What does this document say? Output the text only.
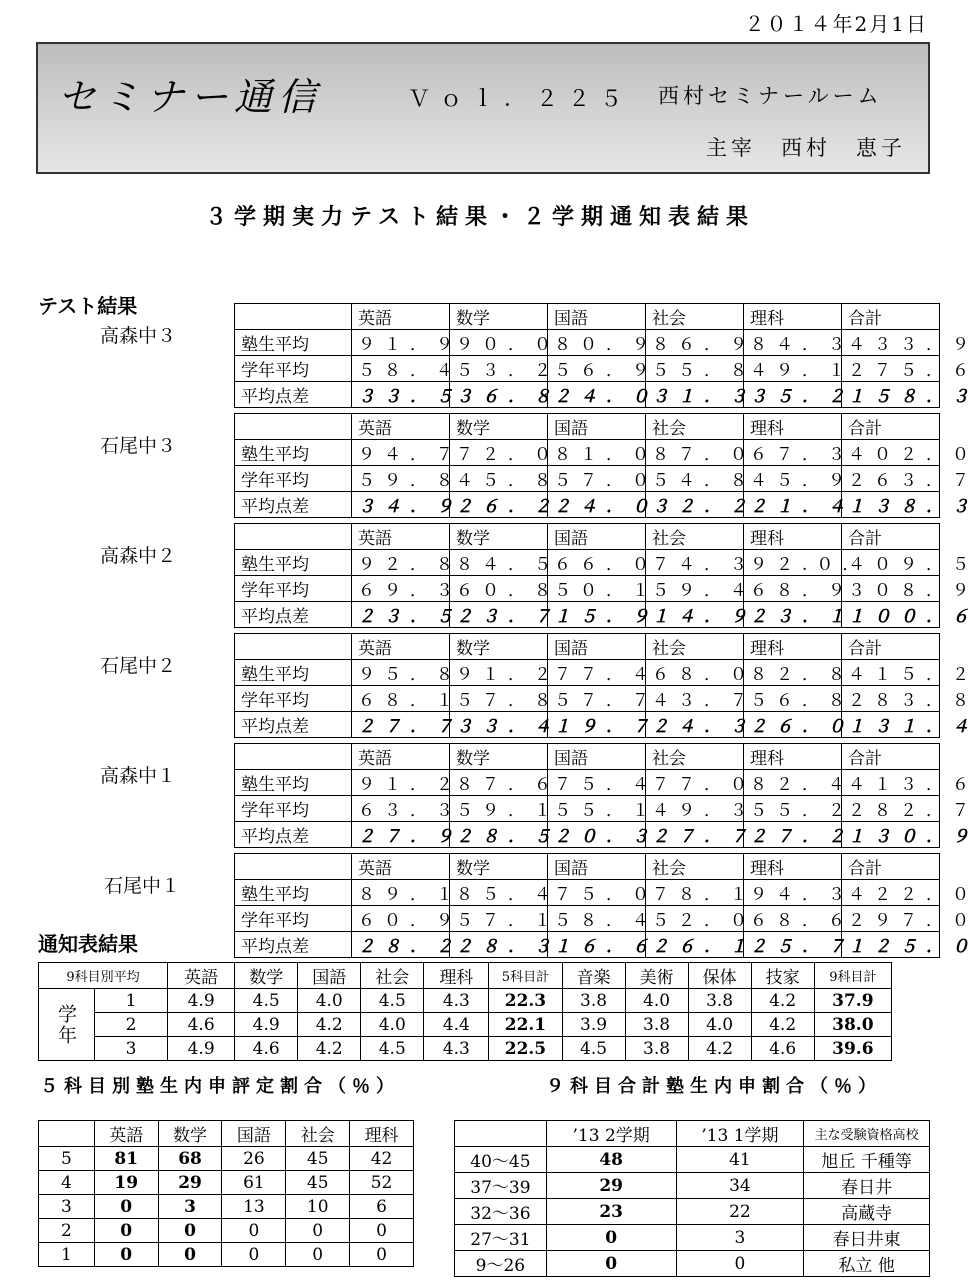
２０１４年2月1日
セミナー通信	Ｖｏｌ．２２５ 西村セミナールーム
主宰　西村　恵子
３学期実力テスト結果・２学期通知表結果
テスト結果
高森中３
	英語	数学	国語	社会	理科	合計
塾生平均	９１．９	９０．０	８０．９	８６．９	８４．３	４３３．９
学年平均	５８．４	５３．２	５６．９	５５．８	４９．１	２７５．６
平均点差	３３．５	３６．８	２４．０	３１．３	３５．２	１５８．３
石尾中３
	英語	数学	国語	社会	理科	合計
塾生平均	９４．７	７２．０	８１．０	８７．０	６７．３	４０２．０
学年平均	５９．８	４５．８	５７．０	５４．８	４５．９	２６３．７
平均点差	３４．９	２６．２	２４．０	３２．２	２１．４	１３８．３
高森中２
	英語	数学	国語	社会	理科	合計
塾生平均	９２．８	８４．５	６６．０	７４．３	９２.０．	４０９．５
学年平均	６９．３	６０．８	５０．１	５９．４	６８．９	３０８．９
平均点差	２３．５	２３．７	１５．９	１４．９	２３．１	１００．６
石尾中２
	英語	数学	国語	社会	理科	合計
塾生平均	９５．８	９１．２	７７．４	６８．０	８２．８	４１５．２
学年平均	６８．１	５７．８	５７．７	４３．７	５６．８	２８３．８
平均点差	２７．７	３３．４	１９．７	２４．３	２６．０	１３１．４
高森中１
	英語	数学	国語	社会	理科	合計
塾生平均	９１．２	８７．６	７５．４	７７．０	８２．４	４１３．６
学年平均	６３．３	５９．１	５５．１	４９．３	５５．２	２８２．７
平均点差	２７．９	２８．５	２０．３	２７．７	２７．２	１３０．９
石尾中１
	英語	数学	国語	社会	理科	合計
塾生平均	８９．１	８５．４	７５．０	７８．１	９４．３	４２２．０
学年平均	６０．９	５７．１	５８．４	５２．０	６８．６	２９７．０
平均点差	２８．２	２８．３	１６．６	２６．１	２５．７	１２５．０
通知表結果
9科目別平均		英語	数学	国語	社会	理科	5科目計	音楽	美術	保体	技家	9科目計
学年	1	4.9	4.5	4.0	4.5	4.3	22.3	3.8	4.0	3.8	4.2	37.9
	2	4.6	4.9	4.2	4.0	4.4	22.1	3.9	3.8	4.0	4.2	38.0
	3	4.9	4.6	4.2	4.5	4.3	22.5	4.5	3.8	4.2	4.6	39.6
５科目別塾生内申評定割合（％）	９科目合計塾生内申割合（％）
	英語	数学	国語	社会	理科
5	81	68	26	45	42
4	19	29	61	45	52
3	0	3	13	10	6
2	0	0	0	0	0
1	0	0	0	0	0
	’13 2学期	’13 1学期	主な受験資格高校
40～45	48	41	旭丘 千種等
37～39	29	34	春日井
32～36	23	22	高蔵寺
27～31	0	3	春日井東
9～26	0	0	私立 他
